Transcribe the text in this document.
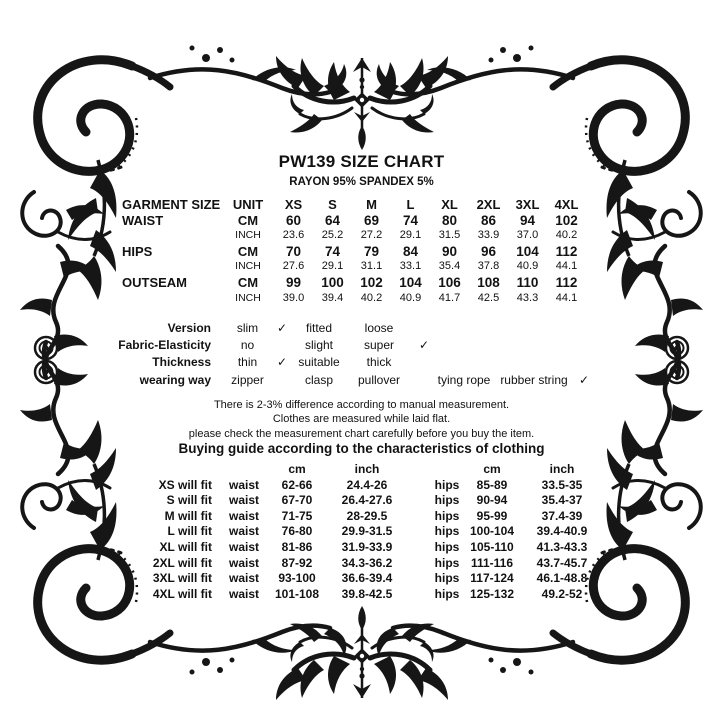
PW139 SIZE CHART
RAYON 95% SPANDEX 5%
GARMENT SIZE UNIT	XS	S	M	L	XL	2XL	3XL	4XL
WAIST	CM	60	64	69	74	80	86	94	102
INCH	23.6	25.2	27.2	29.1	31.5	33.9	37.0	40.2
HIPS	CM	70	74	79	84	90	96	104	112
INCH	27.6	29.1	31.1	33.1	35.4	37.8	40.9	44.1
OUTSEAM	CM	99	100	102	104	106	108	110	112
INCH	39.0	39.4	40.2	40.9	41.7	42.5	43.3	44.1
Version	slim	✓	fitted	loose
Fabric-Elasticity	no	slight	super	✓
Thickness	thin	✓ suitable	thick
wearing way	zipper	clasp	pullover	tying rope rubber string ✓
There is 2-3% difference according to manual measurement.
Clothes are measured while laid flat.
please check the measurement chart carefully before you buy the item.
Buying guide according to the characteristics of clothing
cm	inch	cm	inch
XS will fit	waist	62-66	24.4-26	hips	85-89	33.5-35
S will fit	waist	67-70	26.4-27.6	hips	90-94	35.4-37
M will fit	waist	71-75	28-29.5	hips	95-99	37.4-39
L will fit	waist	76-80	29.9-31.5	hips 100-104	39.4-40.9
XL will fit	waist	81-86	31.9-33.9	hips 105-110	41.3-43.3
2XL will fit	waist	87-92	34.3-36.2	hips 111-116	43.7-45.7
3XL will fit	waist	93-100	36.6-39.4	hips 117-124	46.1-48.8
4XL will fit	waist	101-108	39.8-42.5	hips 125-132	49.2-52
